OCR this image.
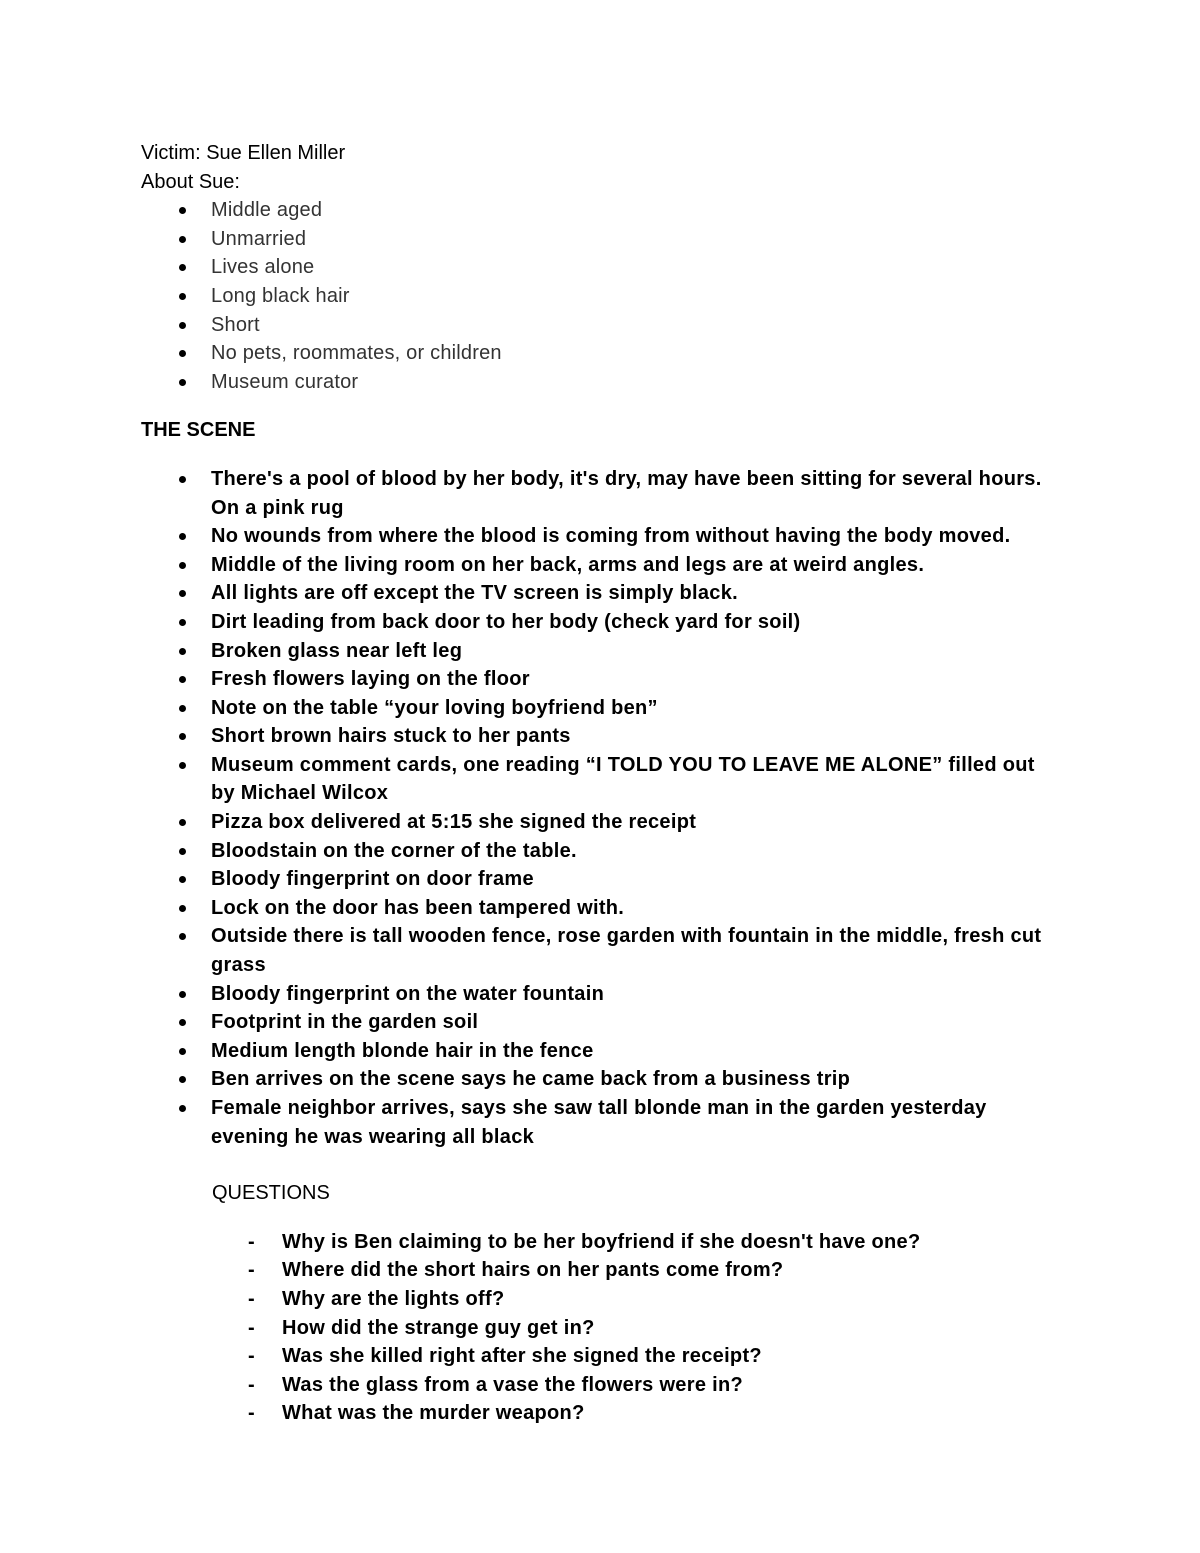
Victim: Sue Ellen Miller

About Sue:

Middle aged
Unmarried
Lives alone
Long black hair
Short
No pets, roommates, or children
Museum curator

THE SCENE

There's a pool of blood by her body, it's dry, may have been sitting for several hours. On a pink rug
No wounds from where the blood is coming from without having the body moved.
Middle of the living room on her back, arms and legs are at weird angles.
All lights are off except the TV screen is simply black.
Dirt leading from back door to her body (check yard for soil)
Broken glass near left leg
Fresh flowers laying on the floor
Note on the table “your loving boyfriend ben”
Short brown hairs stuck to her pants
Museum comment cards, one reading “I TOLD YOU TO LEAVE ME ALONE” filled out by Michael Wilcox
Pizza box delivered at 5:15 she signed the receipt
Bloodstain on the corner of the table.
Bloody fingerprint on door frame
Lock on the door has been tampered with.
Outside there is tall wooden fence, rose garden with fountain in the middle, fresh cut grass
Bloody fingerprint on the water fountain
Footprint in the garden soil
Medium length blonde hair in the fence
Ben arrives on the scene says he came back from a business trip
Female neighbor arrives, says she saw tall blonde man in the garden yesterday evening he was wearing all black

QUESTIONS

- Why is Ben claiming to be her boyfriend if she doesn't have one?
- Where did the short hairs on her pants come from?
- Why are the lights off?
- How did the strange guy get in?
- Was she killed right after she signed the receipt?
- Was the glass from a vase the flowers were in?
- What was the murder weapon?
